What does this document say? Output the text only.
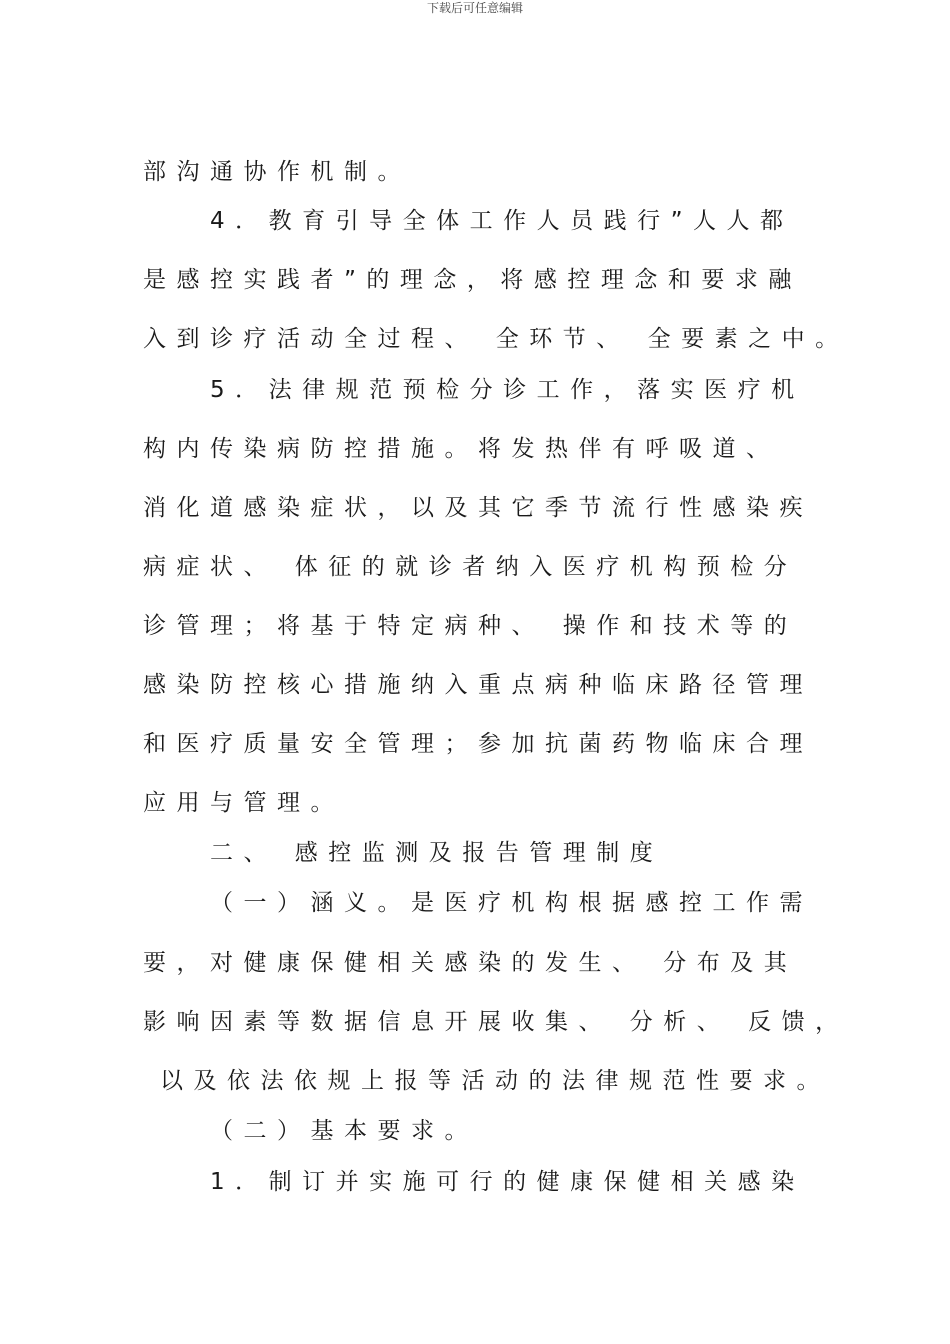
下载后可任意编辑
部沟通协作机制。
4．教育引导全体工作人员践行”人人都
是感控实践者”的理念，将感控理念和要求融
入到诊疗活动全过程、 全环节、 全要素之中。
5．法律规范预检分诊工作，落实医疗机
构内传染病防控措施。将发热伴有呼吸道、
消化道感染症状，以及其它季节流行性感染疾
病症状、 体征的就诊者纳入医疗机构预检分
诊管理；将基于特定病种、 操作和技术等的
感染防控核心措施纳入重点病种临床路径管理
和医疗质量安全管理；参加抗菌药物临床合理
应用与管理。
二、 感控监测及报告管理制度
（一）涵义。是医疗机构根据感控工作需
要，对健康保健相关感染的发生、 分布及其
影响因素等数据信息开展收集、 分析、 反馈，
以及依法依规上报等活动的法律规范性要求。
（二）基本要求。
1．制订并实施可行的健康保健相关感染
